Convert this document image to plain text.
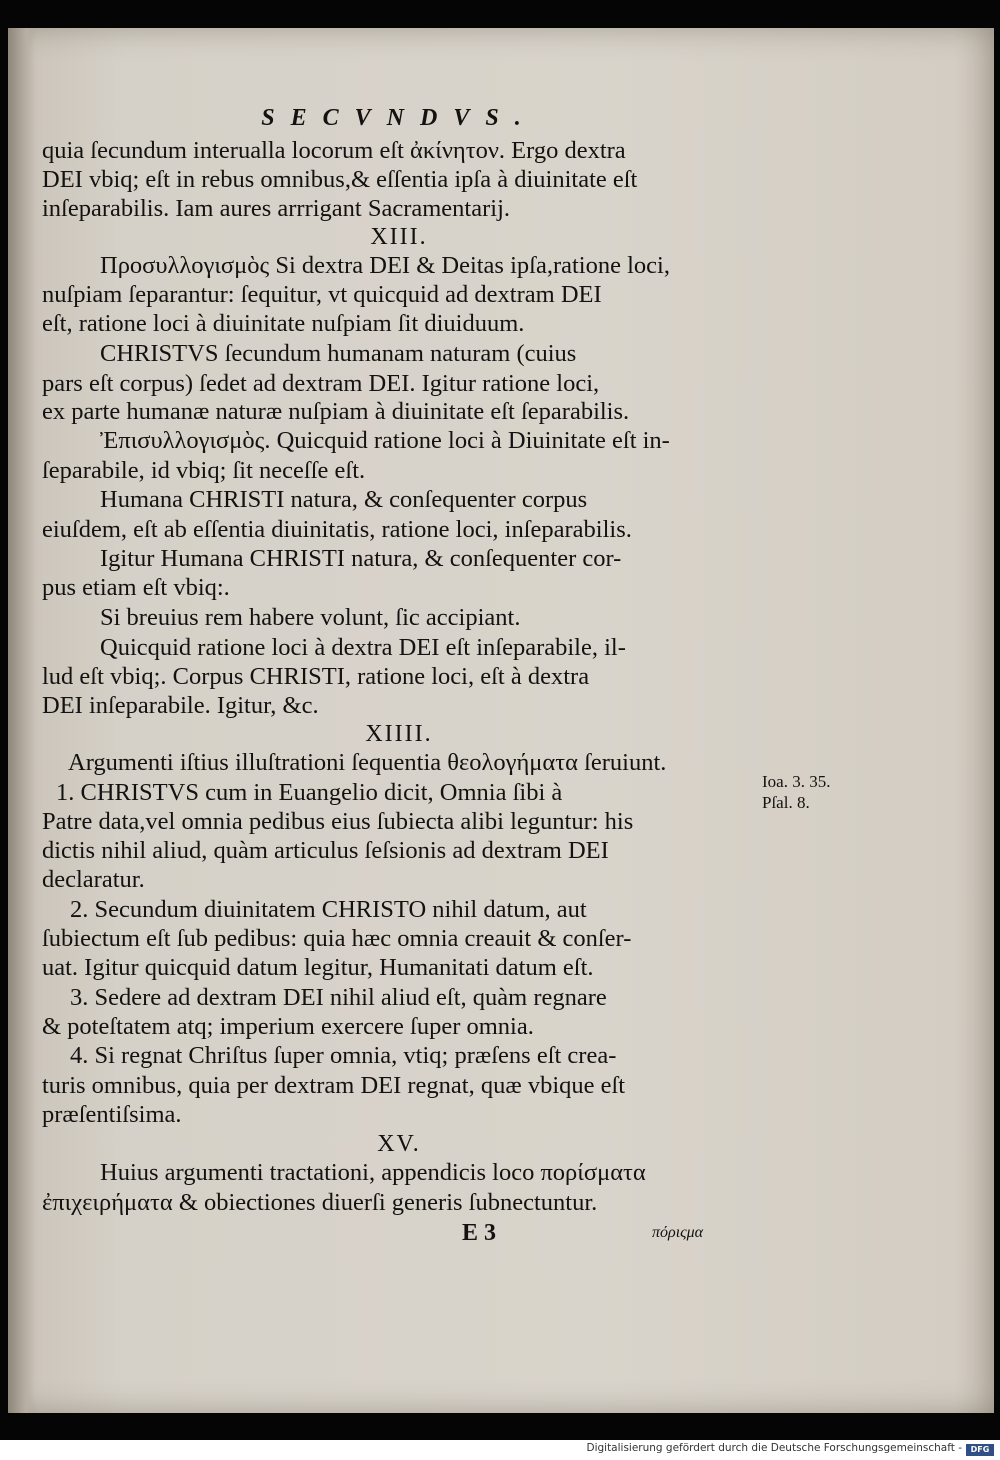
SECVNDVS.
quia ſecundum interualla locorum eſt ἀκίνητον. Ergo dextra
DEI vbiq; eſt in rebus omnibus,& eſſentia ipſa à diuinitate eſt
inſeparabilis. Iam aures arrrigant Sacramentarij.
XIII.
Προσυλλογισμὸς Si dextra DEI & Deitas ipſa,ratione loci,
nuſpiam ſeparantur: ſequitur, vt quicquid ad dextram DEI
eſt, ratione loci à diuinitate nuſpiam ſit diuiduum.
CHRISTVS ſecundum humanam naturam (cuius
pars eſt corpus) ſedet ad dextram DEI. Igitur ratione loci,
ex parte humanæ naturæ nuſpiam à diuinitate eſt ſeparabilis.
Ἐπισυλλογισμὸς. Quicquid ratione loci à Diuinitate eſt in-
ſeparabile, id vbiq; ſit neceſſe eſt.
Humana CHRISTI natura, & conſequenter corpus
eiuſdem, eſt ab eſſentia diuinitatis, ratione loci, inſeparabilis.
Igitur Humana CHRISTI natura, & conſequenter cor-
pus etiam eſt vbiq:.
Si breuius rem habere volunt, ſic accipiant.
Quicquid ratione loci à dextra DEI eſt inſeparabile, il-
lud eſt vbiq;. Corpus CHRISTI, ratione loci, eſt à dextra
DEI inſeparabile. Igitur, &c.
XIIII.
Argumenti iſtius illuſtrationi ſequentia θεολογήματα ſeruiunt.
1. CHRISTVS cum in Euangelio dicit, Omnia ſibi à
Patre data,vel omnia pedibus eius ſubiecta alibi leguntur: his
dictis nihil aliud, quàm articulus ſeſsionis ad dextram DEI
declaratur.
2. Secundum diuinitatem CHRISTO nihil datum, aut
ſubiectum eſt ſub pedibus: quia hæc omnia creauit & conſer-
uat. Igitur quicquid datum legitur, Humanitati datum eſt.
3. Sedere ad dextram DEI nihil aliud eſt, quàm regnare
& poteſtatem atq; imperium exercere ſuper omnia.
4. Si regnat Chriſtus ſuper omnia, vtiq; præſens eſt crea-
turis omnibus, quia per dextram DEI regnat, quæ vbique eſt
præſentiſsima.
XV.
Huius argumenti tractationi, appendicis loco πορίσματα
ἐπιχειρήματα & obiectiones diuerſi generis ſubnectuntur.
Ioa. 3. 35.
Pſal. 8.
E 3	πόριςμα
Digitalisierung gefördert durch die Deutsche Forschungsgemeinschaft -	DFG
